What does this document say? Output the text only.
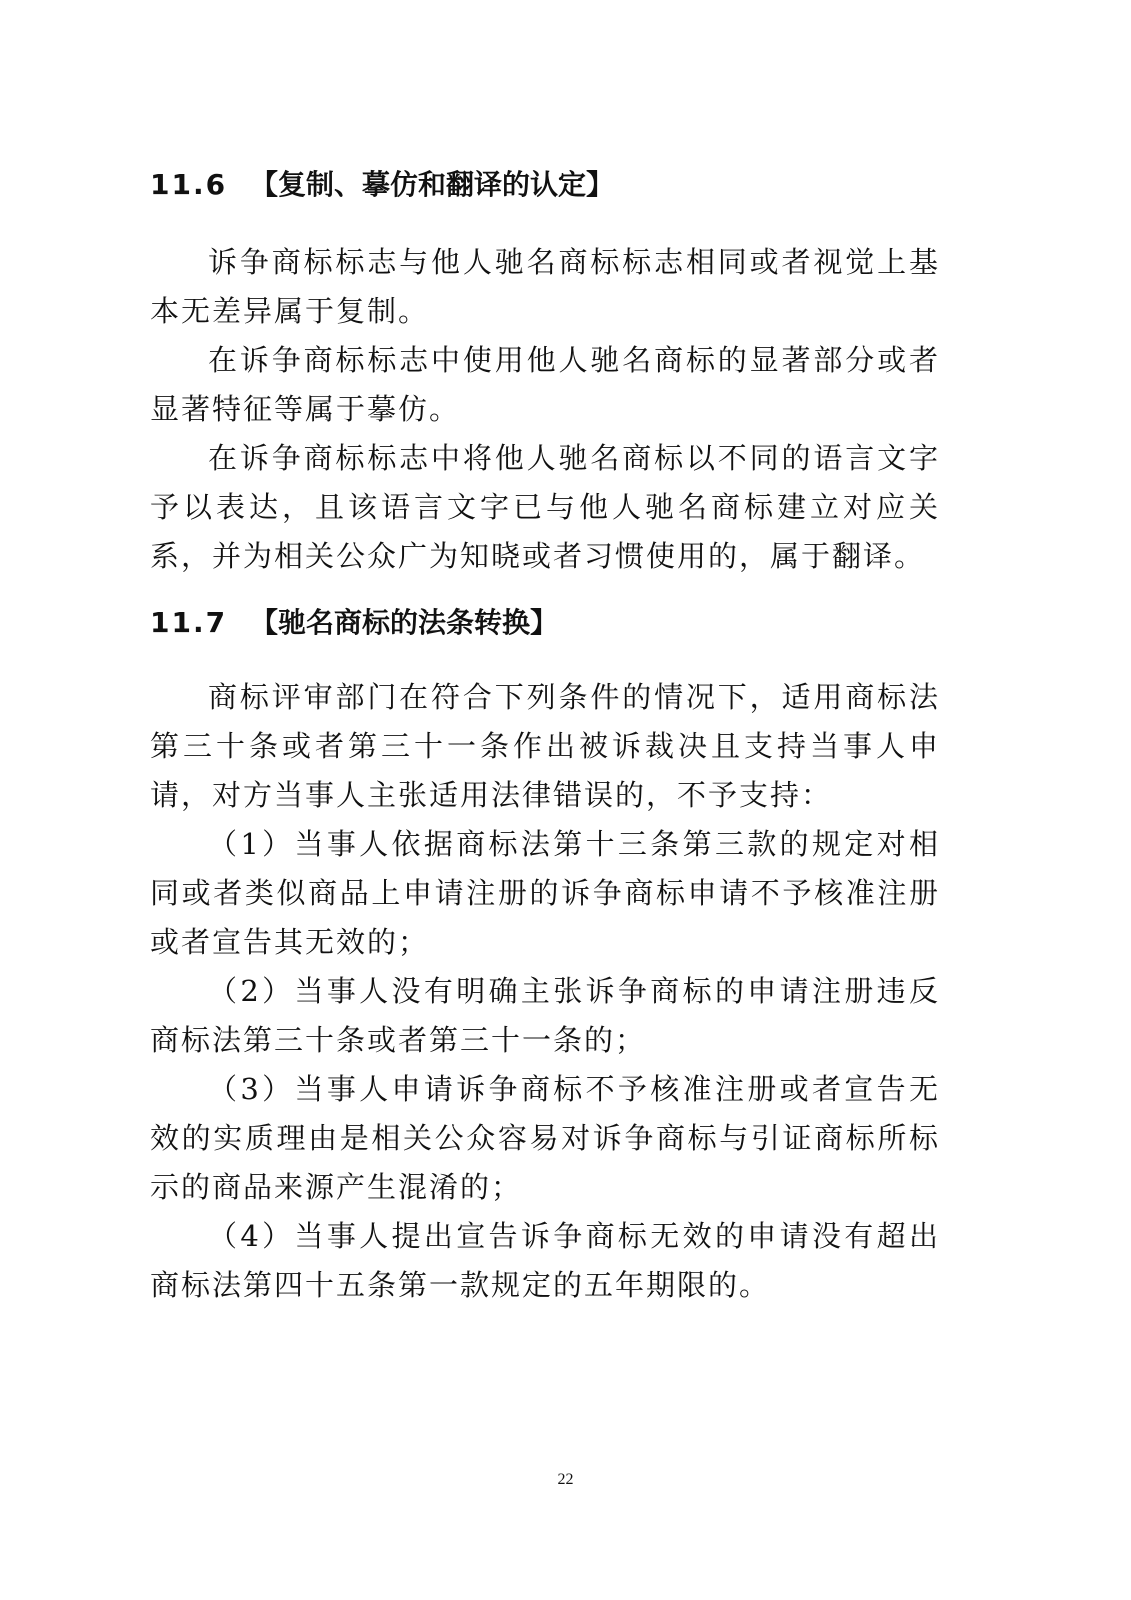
11.6 【复制、摹仿和翻译的认定】

诉争商标标志与他人驰名商标标志相同或者视觉上基本无差异属于复制。

在诉争商标标志中使用他人驰名商标的显著部分或者显著特征等属于摹仿。

在诉争商标标志中将他人驰名商标以不同的语言文字予以表达，且该语言文字已与他人驰名商标建立对应关系，并为相关公众广为知晓或者习惯使用的，属于翻译。

11.7 【驰名商标的法条转换】

商标评审部门在符合下列条件的情况下，适用商标法第三十条或者第三十一条作出被诉裁决且支持当事人申请，对方当事人主张适用法律错误的，不予支持：

（1）当事人依据商标法第十三条第三款的规定对相同或者类似商品上申请注册的诉争商标申请不予核准注册或者宣告其无效的；

（2）当事人没有明确主张诉争商标的申请注册违反商标法第三十条或者第三十一条的；

（3）当事人申请诉争商标不予核准注册或者宣告无效的实质理由是相关公众容易对诉争商标与引证商标所标示的商品来源产生混淆的；

（4）当事人提出宣告诉争商标无效的申请没有超出商标法第四十五条第一款规定的五年期限的。

22
